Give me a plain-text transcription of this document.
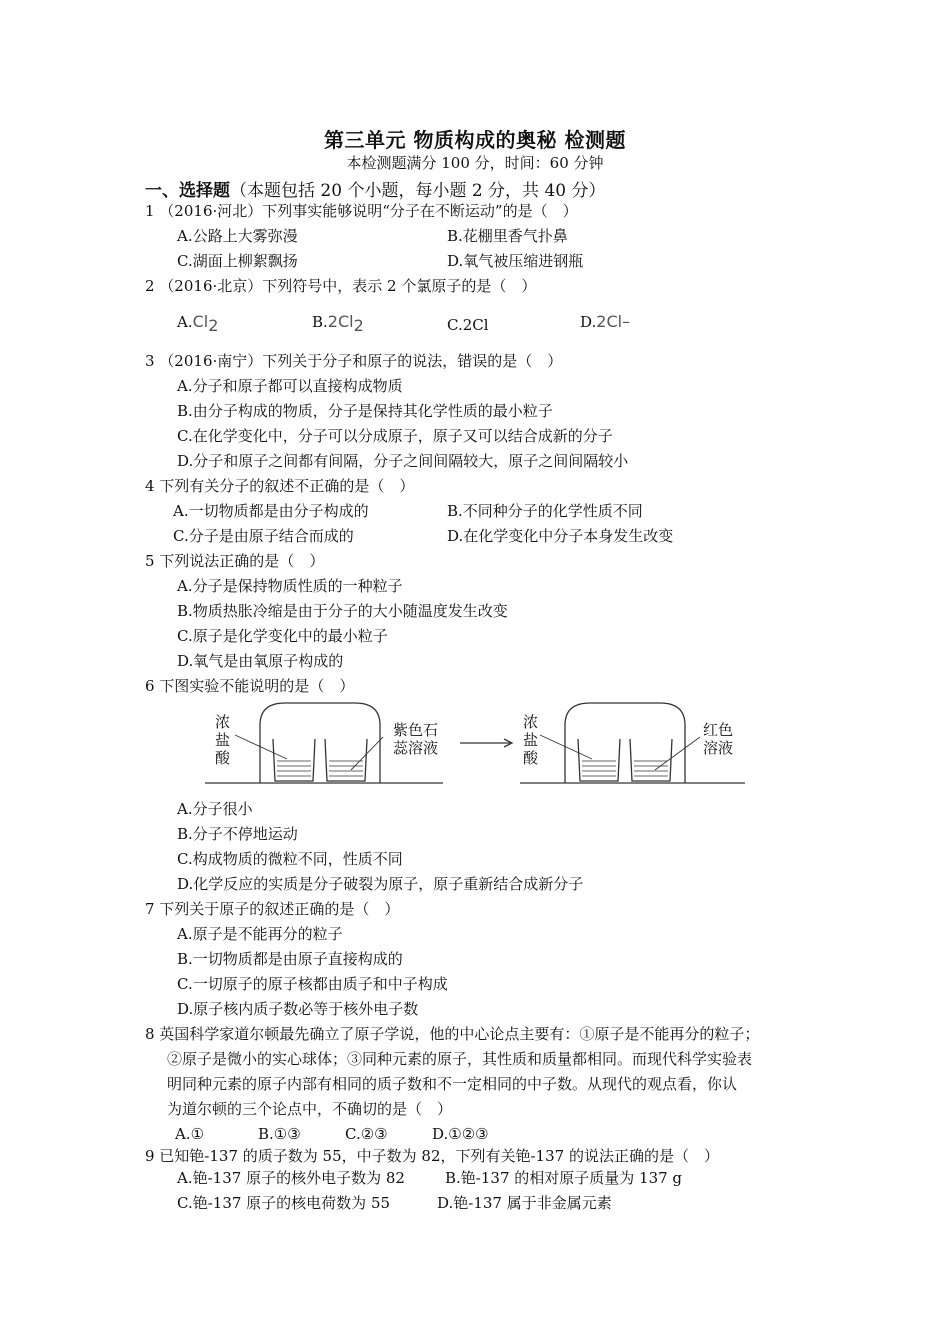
第三单元 物质构成的奥秘 检测题
本检测题满分 100 分，时间：60 分钟
一、选择题（本题包括 20 个小题，每小题 2 分，共 40 分）
1 （2016·河北）下列事实能够说明“分子在不断运动”的是（　）
A.公路上大雾弥漫	B.花棚里香气扑鼻
C.湖面上柳絮飘扬	D.氧气被压缩进钢瓶
2 （2016·北京）下列符号中，表示 2 个氯原子的是（　）
$A.Cl_2$	$B.2Cl_2$	C.2Cl	D.2Cl–
3 （2016·南宁）下列关于分子和原子的说法，错误的是（　）
A.分子和原子都可以直接构成物质
B.由分子构成的物质，分子是保持其化学性质的最小粒子
C.在化学变化中，分子可以分成原子，原子又可以结合成新的分子
D.分子和原子之间都有间隔，分子之间间隔较大，原子之间间隔较小
4 下列有关分子的叙述不正确的是（　）
A.一切物质都是由分子构成的	B.不同种分子的化学性质不同
C.分子是由原子结合而成的	D.在化学变化中分子本身发生改变
5 下列说法正确的是（　）
A.分子是保持物质性质的一种粒子
B.物质热胀冷缩是由于分子的大小随温度发生改变
C.原子是化学变化中的最小粒子
D.氧气是由氧原子构成的
6 下图实验不能说明的是（　）
浓
盐
酸
紫色石
蕊溶液
浓
盐
酸
红色
溶液
A.分子很小
B.分子不停地运动
C.构成物质的微粒不同，性质不同
D.化学反应的实质是分子破裂为原子，原子重新结合成新分子
7 下列关于原子的叙述正确的是（　）
A.原子是不能再分的粒子
B.一切物质都是由原子直接构成的
C.一切原子的原子核都由质子和中子构成
D.原子核内质子数必等于核外电子数
8 英国科学家道尔顿最先确立了原子学说，他的中心论点主要有：①原子是不能再分的粒子；
②原子是微小的实心球体；③同种元素的原子，其性质和质量都相同。而现代科学实验表
明同种元素的原子内部有相同的质子数和不一定相同的中子数。从现代的观点看，你认
为道尔顿的三个论点中，不确切的是（　）
A.①	B.①③	C.②③	D.①②③
9 已知铯-137 的质子数为 55，中子数为 82，下列有关铯-137 的说法正确的是（　）
A.铯-137 原子的核外电子数为 82	B.铯-137 的相对原子质量为 137 g
C.铯-137 原子的核电荷数为 55	D.铯-137 属于非金属元素
